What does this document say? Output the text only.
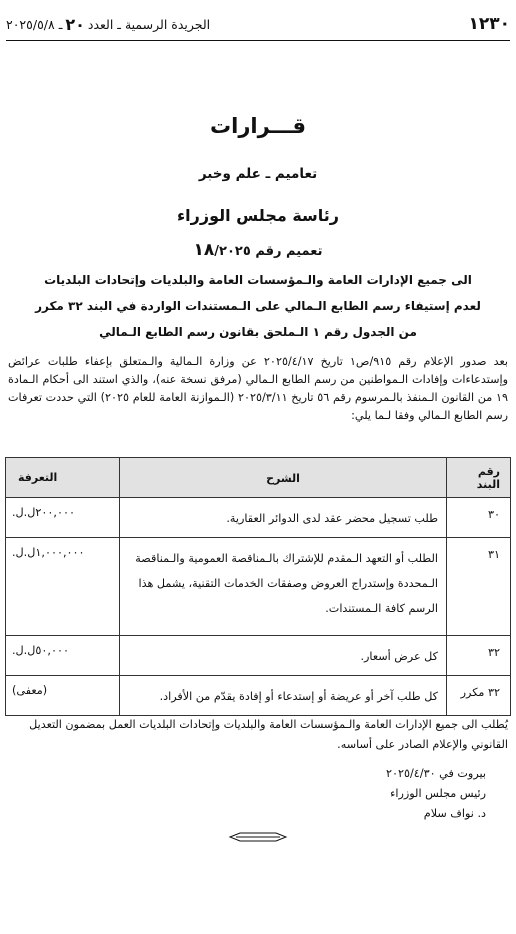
١٢٣٠
الجريدة الرسمية ـ العدد
٢٠
ـ ٢٠٢٥/٥/٨
قـــرارات
تعاميم ـ علم وخبر
رئاسة مجلس الوزراء
تعميم رقم ١٨/٢٠٢٥
الى جميع الإدارات العامة والـمؤسسات العامة والبلديات وإتحادات البلديات
لعدم إستيفاء رسم الطابع الـمالي على الـمستندات الواردة في البند ٣٢ مكرر
من الجدول رقم ١ الـملحق بقانون رسم الطابع الـمالي

بعد صدور الإعلام رقم ٩١٥/ص١ تاريخ ٢٠٢٥/٤/١٧ عن وزارة الـمالية والـمتعلق بإعفاء طلبات عرائض وإستدعاءات وإفادات الـمواطنين من رسم الطابع الـمالي (مرفق نسخة عنه)، والذي استند الى أحكام الـمادة ١٩ من القانون الـمنفذ بالـمرسوم رقم ٥٦ تاريخ ٢٠٢٥/٣/١١ (الـموازنة العامة للعام ٢٠٢٥) التي حددت تعرفات رسم الطابع الـمالي وفقا لـما يلي:

رقم البند	الشرح	التعرفة
٣٠	طلب تسجيل محضر عقد لدى الدوائر العقارية.	٢٠٠,٠٠٠ل.ل.
٣١	الطلب أو التعهد الـمقدم للإشتراك بالـمناقصة العمومية والـمناقصة الـمحددة وإستدراج العروض وصفقات الخدمات التقنية، يشمل هذا الرسم كافة الـمستندات.	١,٠٠٠,٠٠٠ل.ل.
٣٢	كل عرض أسعار.	٥٠,٠٠٠ل.ل.
٣٢ مكرر	كل طلب آخر أو عريضة أو إستدعاء أو إفادة يقدّم من الأفراد.	(معفى)

يُطلب الى جميع الإدارات العامة والـمؤسسات العامة والبلديات وإتحادات البلديات العمل بمضمون التعديل القانوني والإعلام الصادر على أساسه.

بيروت في ٢٠٢٥/٤/٣٠
رئيس مجلس الوزراء
د. نواف سلام
